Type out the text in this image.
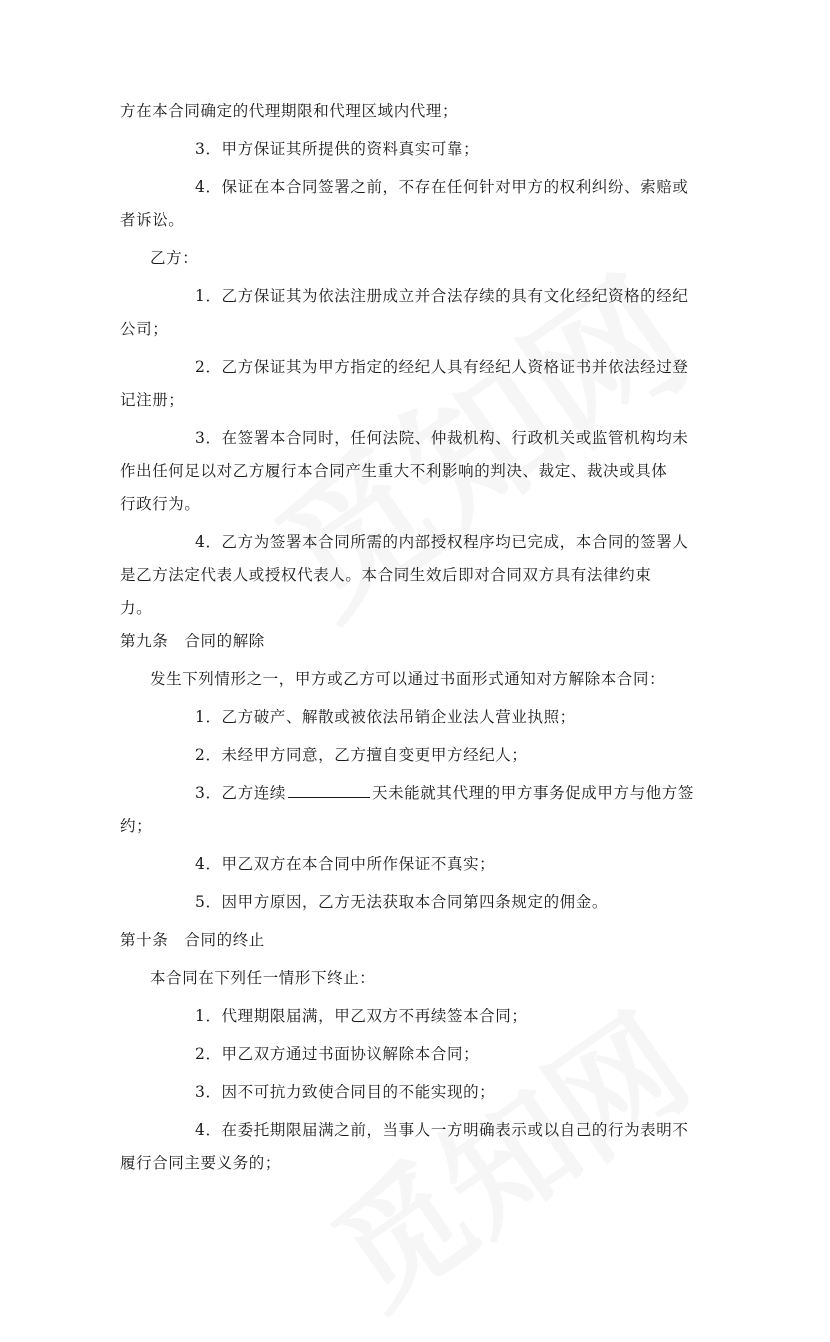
方在本合同确定的代理期限和代理区域内代理；

3．甲方保证其所提供的资料真实可靠；

4．保证在本合同签署之前，不存在任何针对甲方的权利纠纷、索赔或

者诉讼。

乙方：

1．乙方保证其为依法注册成立并合法存续的具有文化经纪资格的经纪

公司；

2．乙方保证其为甲方指定的经纪人具有经纪人资格证书并依法经过登

记注册；

3．在签署本合同时，任何法院、仲裁机构、行政机关或监管机构均未

作出任何足以对乙方履行本合同产生重大不利影响的判决、裁定、裁决或具体

行政行为。

4．乙方为签署本合同所需的内部授权程序均已完成，本合同的签署人

是乙方法定代表人或授权代表人。本合同生效后即对合同双方具有法律约束

力。

第九条　合同的解除

发生下列情形之一，甲方或乙方可以通过书面形式通知对方解除本合同：

1．乙方破产、解散或被依法吊销企业法人营业执照；

2．未经甲方同意，乙方擅自变更甲方经纪人；

3．乙方连续	天未能就其代理的甲方事务促成甲方与他方签

约；

4．甲乙双方在本合同中所作保证不真实；

5．因甲方原因，乙方无法获取本合同第四条规定的佣金。

第十条　合同的终止

本合同在下列任一情形下终止：

1．代理期限届满，甲乙双方不再续签本合同；

2．甲乙双方通过书面协议解除本合同；

3．因不可抗力致使合同目的不能实现的；

4．在委托期限届满之前，当事人一方明确表示或以自己的行为表明不

履行合同主要义务的；
